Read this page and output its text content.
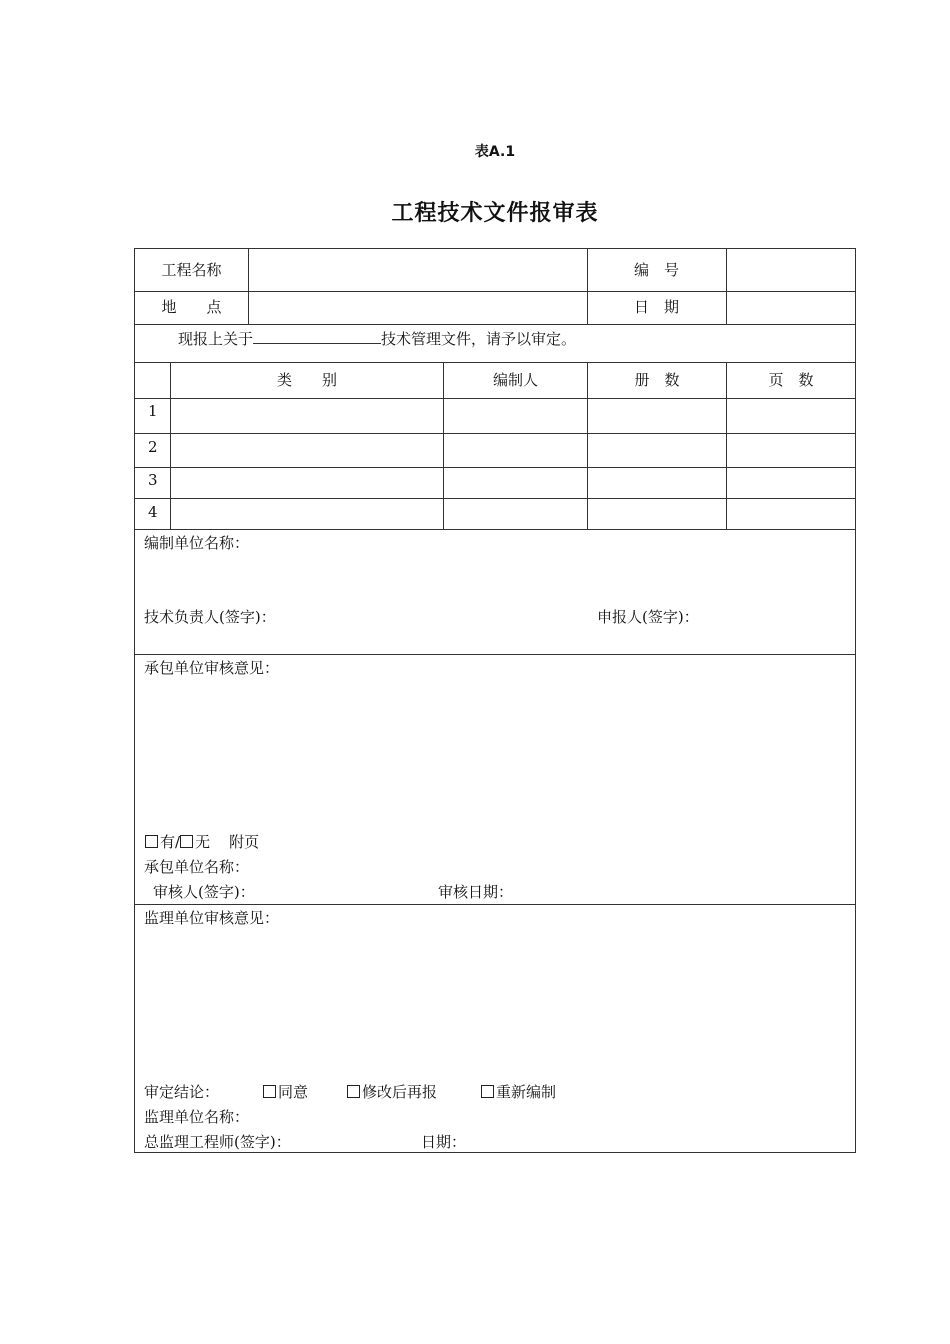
表A.1
工程技术文件报审表
工程名称	编　号
地　　点	日　期
现报上关于	技术管理文件，请予以审定。
类　　别	编制人	册　数	页　数
1
2
3
4
编制单位名称：
技术负责人(签字)：	申报人(签字)：
承包单位审核意见：
有/ 无 附页
承包单位名称：
审核人(签字)：	审核日期：
监理单位审核意见：
审定结论：	同意	修改后再报	重新编制
监理单位名称：
总监理工程师(签字)：	日期：
